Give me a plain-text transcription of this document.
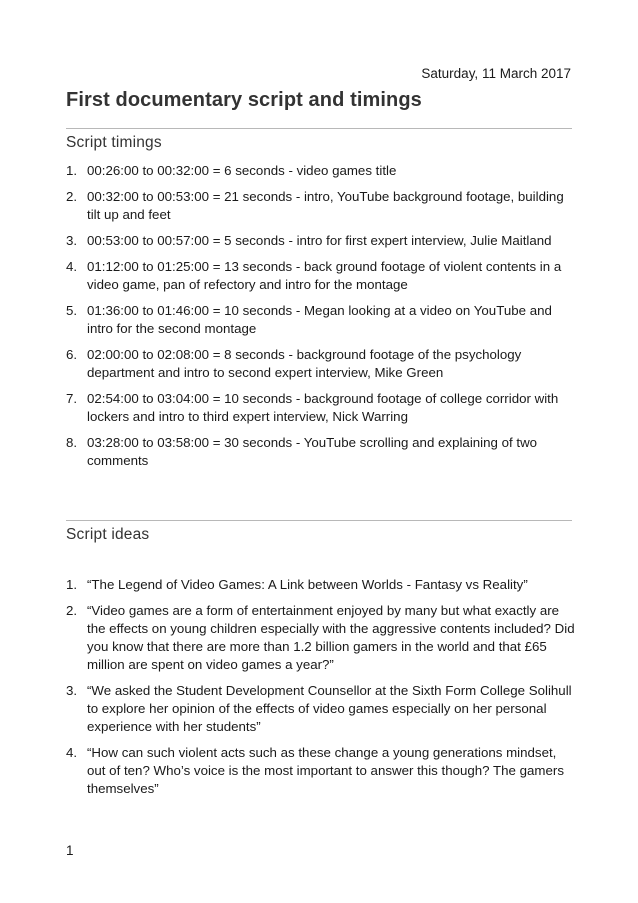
Saturday, 11 March 2017
First documentary script and timings
Script timings
1. 00:26:00 to 00:32:00 = 6 seconds - video games title
2. 00:32:00 to 00:53:00 = 21 seconds - intro, YouTube background footage, building tilt up and feet
3. 00:53:00 to 00:57:00 = 5 seconds - intro for first expert interview, Julie Maitland
4. 01:12:00 to 01:25:00 = 13 seconds - back ground footage of violent contents in a video game, pan of refectory and intro for the montage
5. 01:36:00 to 01:46:00 = 10 seconds - Megan looking at a video on YouTube and intro for the second montage
6. 02:00:00 to 02:08:00 = 8 seconds - background footage of the psychology department and intro to second expert interview, Mike Green
7. 02:54:00 to 03:04:00 = 10 seconds - background footage of college corridor with lockers and intro to third expert interview, Nick Warring
8. 03:28:00 to 03:58:00 = 30 seconds - YouTube scrolling and explaining of two comments
Script ideas
1. “The Legend of Video Games: A Link between Worlds - Fantasy vs Reality”
2. “Video games are a form of entertainment enjoyed by many but what exactly are the effects on young children especially with the aggressive contents included? Did you know that there are more than 1.2 billion gamers in the world and that £65 million are spent on video games a year?”
3. “We asked the Student Development Counsellor at the Sixth Form College Solihull to explore her opinion of the effects of video games especially on her personal experience with her students”
4. “How can such violent acts such as these change a young generations mindset, out of ten? Who’s voice is the most important to answer this though? The gamers themselves”
1
